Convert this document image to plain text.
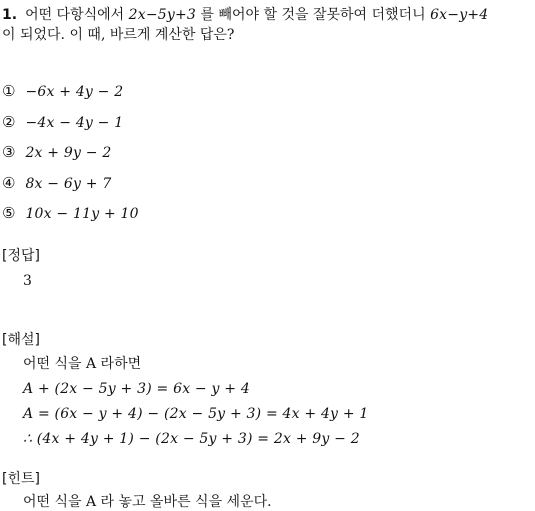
1. 어떤 다항식에서 2x−5y+3 를 빼어야 할 것을 잘못하여 더했더니 6x−y+4
이 되었다. 이 때, 바르게 계산한 답은?
① −6x + 4y − 2
② −4x − 4y − 1
③ 2x + 9y − 2
④ 8x − 6y + 7
⑤ 10x − 11y + 10
[정답]
3
[해설]
어떤 식을 A 라하면
A + (2x − 5y + 3) = 6x − y + 4
A = (6x − y + 4) − (2x − 5y + 3) = 4x + 4y + 1
∴ (4x + 4y + 1) − (2x − 5y + 3) = 2x + 9y − 2
[힌트]
어떤 식을 A 라 놓고 올바른 식을 세운다.
